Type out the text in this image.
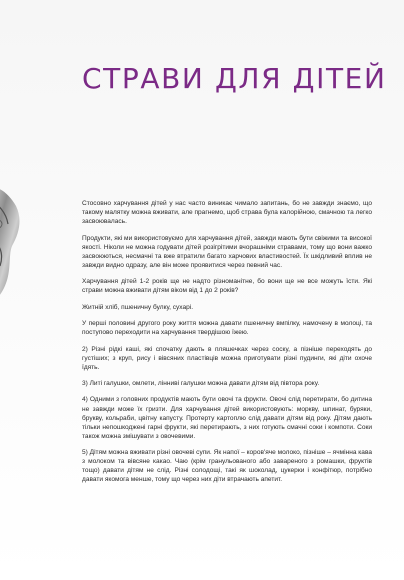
СТРАВИ ДЛЯ ДІТЕЙ

Стосовно харчування дітей у нас часто виникає чимало запитань, бо не завжди знаємо, що такому малятку можна вживати, але прагнемо, щоб страва була калорійною, смачною та легко засвоювалась.

Продукти, які ми використовуємо для харчування дітей, завжди мають бути свіжими та високої якості. Ніколи не можна годувати дітей розігрітими вчорашніми стравами, тому що вони важко засвоюються, несмачні та вже втратили багато харчових властивостей. Їх шкідливий вплив не завжди видно одразу, але він може проявитися через певний час.

Харчування дітей 1-2 років ще не надто різноманітне, бо вони ще не все можуть їсти. Які страви можна вживати дітям віком від 1 до 2 років?

Житній хліб, пшеничну булку, сухарі.

У перші половині другого року життя можна давати пшеничну вмпілку, намочену в молоці, та поступово переходити на харчування твердішою їжею.

2) Різні рідкі каші, які спочатку дають в пляшечках через соску, а пізніше переходять до густіших; з круп, рису і вівсяних пластівців можна приготувати різні пудинги, які діти охоче їдять.

3) Литі галушки, омлети, лінниві галушки можна давати дітям від півтора року.

4) Одними з головних продуктів мають бути овочі та фрукти. Овочі слід перетирати, бо дитина не завжди може їх гризти. Для харчування дітей використовують: моркву, шпинат, буряки, брукву, кольраби, цвітну капусту. Протерту картоплю слід давати дітям від року. Дітям дають тільки непошкоджені гарні фрукти, які перетирають, з них готують смачні соки і компоти. Соки також можна змішувати з овочевими.

5) Дітям можна вживати різні овочеві супи. Як напої – коров'яче молоко, пізніше – ячмінна кава з молоком та вівсяне какао. Чаю (крім гранульованого або заваpеного з ромашки, фруктів тощо) давати дітям не слід. Різні солодощі, такі як шоколад, цукерки і конфітюр, потрібно давати якомога менше, тому що через них діти втрачають апетит.
